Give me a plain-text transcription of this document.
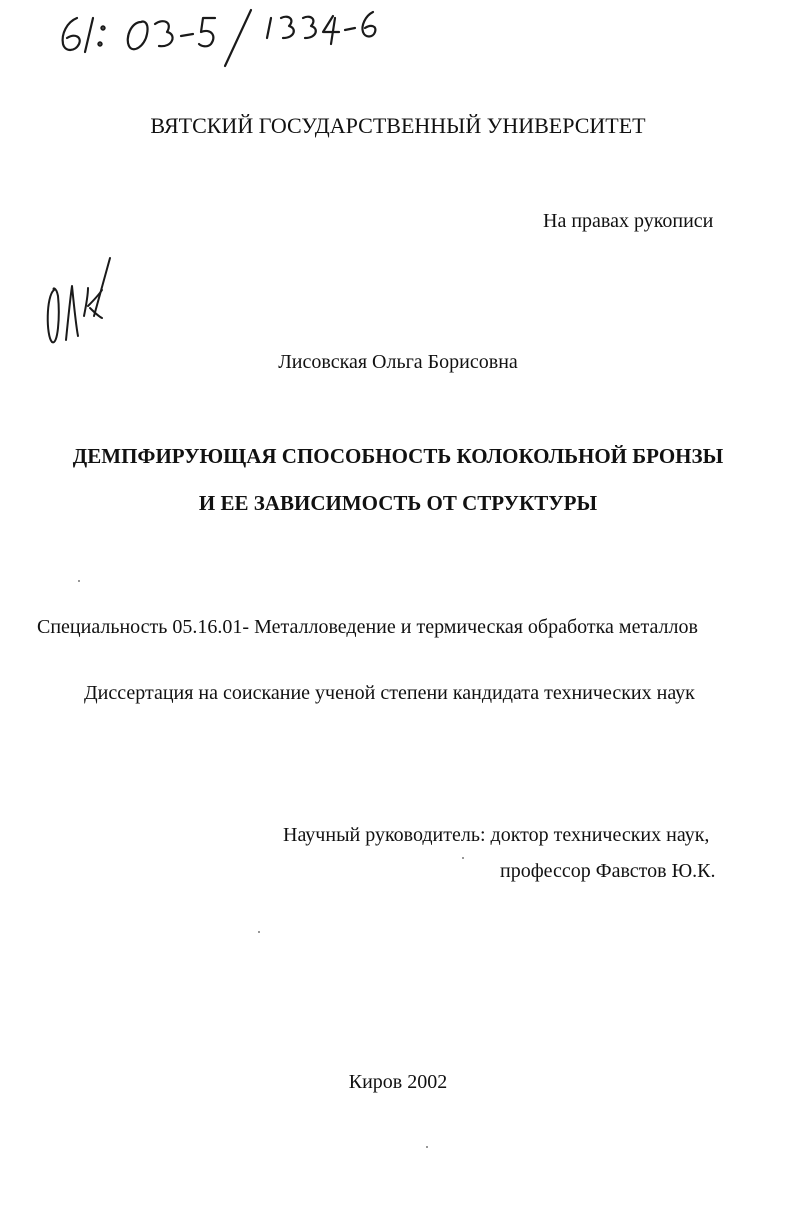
ВЯТСКИЙ ГОСУДАРСТВЕННЫЙ УНИВЕРСИТЕТ
На правах рукописи
Лисовская Ольга Борисовна
ДЕМПФИРУЮЩАЯ СПОСОБНОСТЬ КОЛОКОЛЬНОЙ БРОНЗЫ
И ЕЕ ЗАВИСИМОСТЬ ОТ СТРУКТУРЫ
Специальность 05.16.01- Металловедение и термическая обработка металлов
Диссертация на соискание ученой степени кандидата технических наук
Научный руководитель: доктор технических наук,
профессор Фавстов Ю.К.
Киров 2002
